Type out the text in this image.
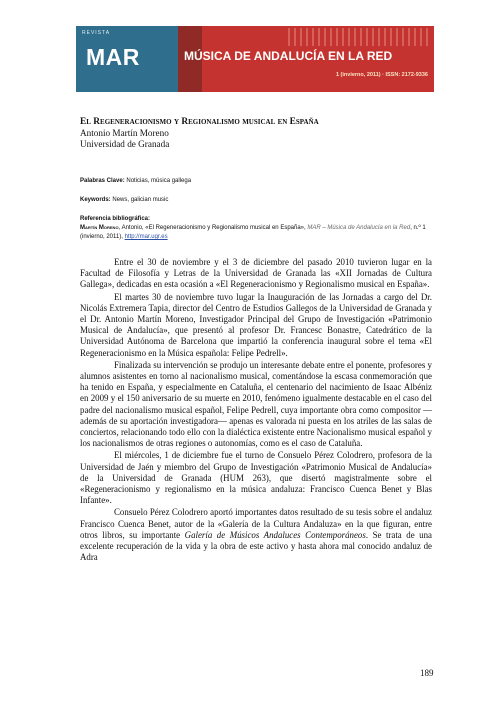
REVISTA
MAR	MÚSICA DE ANDALUCÍA EN LA RED
1 (invierno, 2011) · ISSN: 2172-9336
El Regeneracionismo y Regionalismo musical en España
Antonio Martín Moreno
Universidad de Granada
Palabras Clave: Noticias, música gallega
Keywords: News, galician music
Referencia bibliográfica:
Martín Moreno, Antonio, «El Regeneracionismo y Regionalismo musical en España», MAR – Música de Andalucía en la Red, n.º 1 (invierno, 2011), http://mar.ugr.es

Entre el 30 de noviembre y el 3 de diciembre del pasado 2010 tuvieron lugar en la Facultad de Filosofía y Letras de la Universidad de Granada las «XII Jornadas de Cultura Gallega», dedicadas en esta ocasión a «El Regeneracionismo y Regionalismo musical en España».

El martes 30 de noviembre tuvo lugar la Inauguración de las Jornadas a cargo del Dr. Nicolás Extremera Tapia, director del Centro de Estudios Gallegos de la Universidad de Granada y el Dr. Antonio Martín Moreno, Investigador Principal del Grupo de Investigación «Patrimonio Musical de Andalucía», que presentó al profesor Dr. Francesc Bonastre, Catedrático de la Universidad Autónoma de Barcelona que impartió la conferencia inaugural sobre el tema «El Regeneracionismo en la Música española: Felipe Pedrell».

Finalizada su intervención se produjo un interesante debate entre el ponente, profesores y alumnos asistentes en torno al nacionalismo musical, comentándose la escasa conmemoración que ha tenido en España, y especialmente en Cataluña, el centenario del nacimiento de Isaac Albéniz en 2009 y el 150 aniversario de su muerte en 2010, fenómeno igualmente destacable en el caso del padre del nacionalismo musical español, Felipe Pedrell, cuya importante obra como compositor —además de su aportación investigadora— apenas es valorada ni puesta en los atriles de las salas de conciertos, relacionando todo ello con la dialéctica existente entre Nacionalismo musical español y los nacionalismos de otras regiones o autonomías, como es el caso de Cataluña.

El miércoles, 1 de diciembre fue el turno de Consuelo Pérez Colodrero, profesora de la Universidad de Jaén y miembro del Grupo de Investigación «Patrimonio Musical de Andalucía» de la Universidad de Granada (HUM 263), que disertó magistralmente sobre el «Regeneracionismo y regionalismo en la música andaluza: Francisco Cuenca Benet y Blas Infante».

Consuelo Pérez Colodrero aportó importantes datos resultado de su tesis sobre el andaluz Francisco Cuenca Benet, autor de la «Galería de la Cultura Andaluza» en la que figuran, entre otros libros, su importante Galería de Músicos Andaluces Contemporáneos. Se trata de una excelente recuperación de la vida y la obra de este activo y hasta ahora mal conocido andaluz de Adra

189
